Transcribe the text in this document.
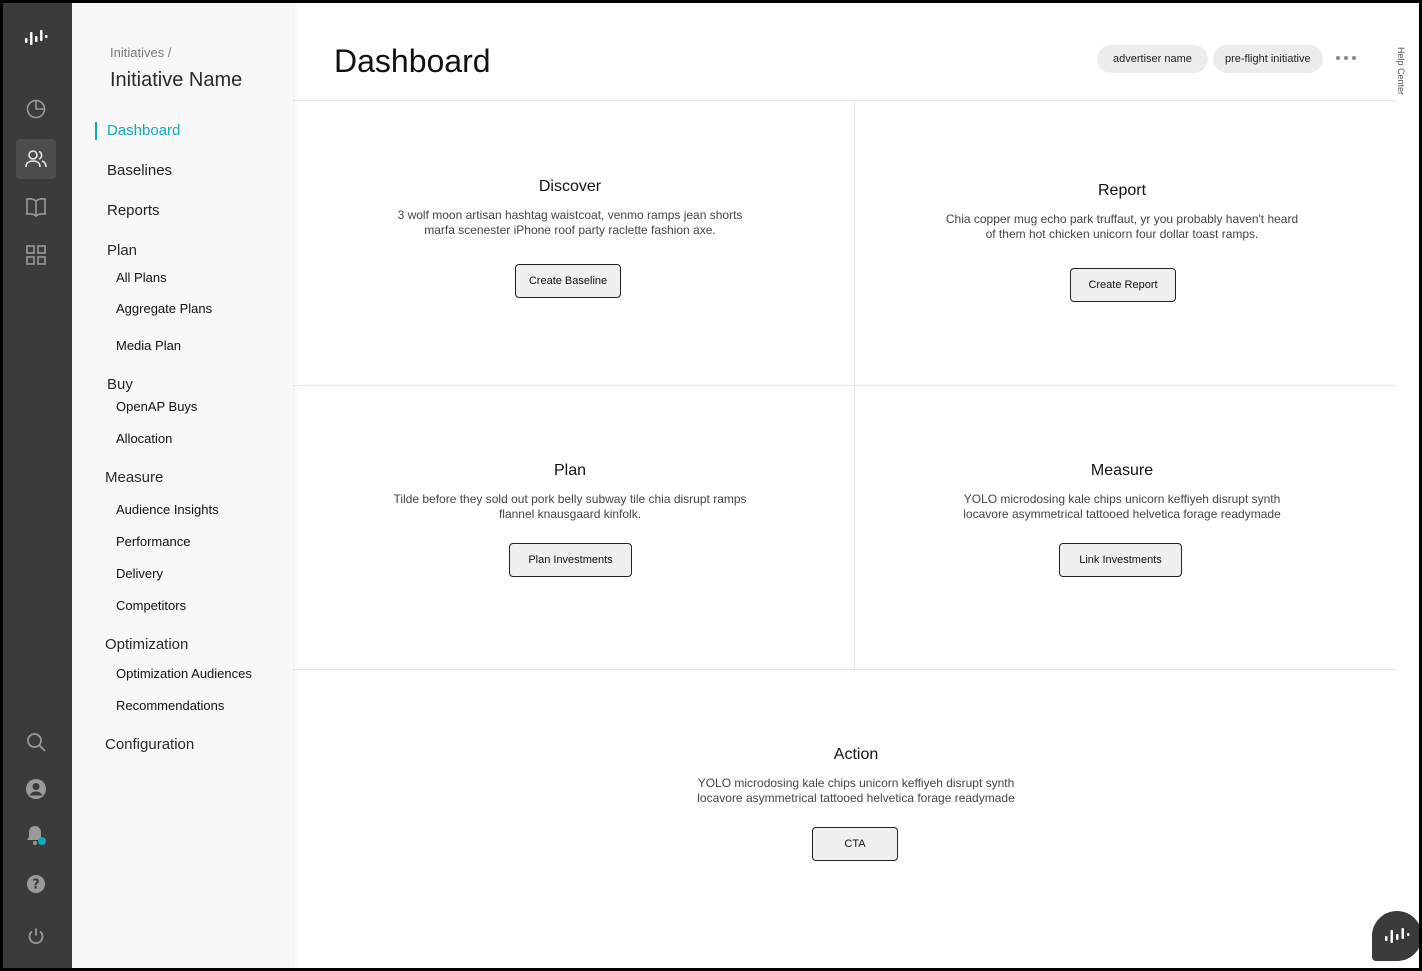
?
Initiatives /
Initiative Name
Dashboard
Baselines
Reports
Plan
All Plans
Aggregate Plans
Media Plan
Buy
OpenAP Buys
Allocation
Measure
Audience Insights
Performance
Delivery
Competitors
Optimization
Optimization Audiences
Recommendations
Configuration
Dashboard	advertiser name	pre-flight initiative	Help Center
Discover

3 wolf moon artisan hashtag waistcoat, venmo ramps jean shorts marfa scenester iPhone roof party raclette fashion axe.

Create Baseline
Report

Chia copper mug echo park truffaut, yr you probably haven't heard of them hot chicken unicorn four dollar toast ramps.

Create Report
Plan

Tilde before they sold out pork belly subway tile chia disrupt ramps flannel knausgaard kinfolk.

Plan Investments
Measure

YOLO microdosing kale chips unicorn keffiyeh disrupt synth locavore asymmetrical tattooed helvetica forage readymade

Link Investments
Action

YOLO microdosing kale chips unicorn keffiyeh disrupt synth locavore asymmetrical tattooed helvetica forage readymade

CTA
